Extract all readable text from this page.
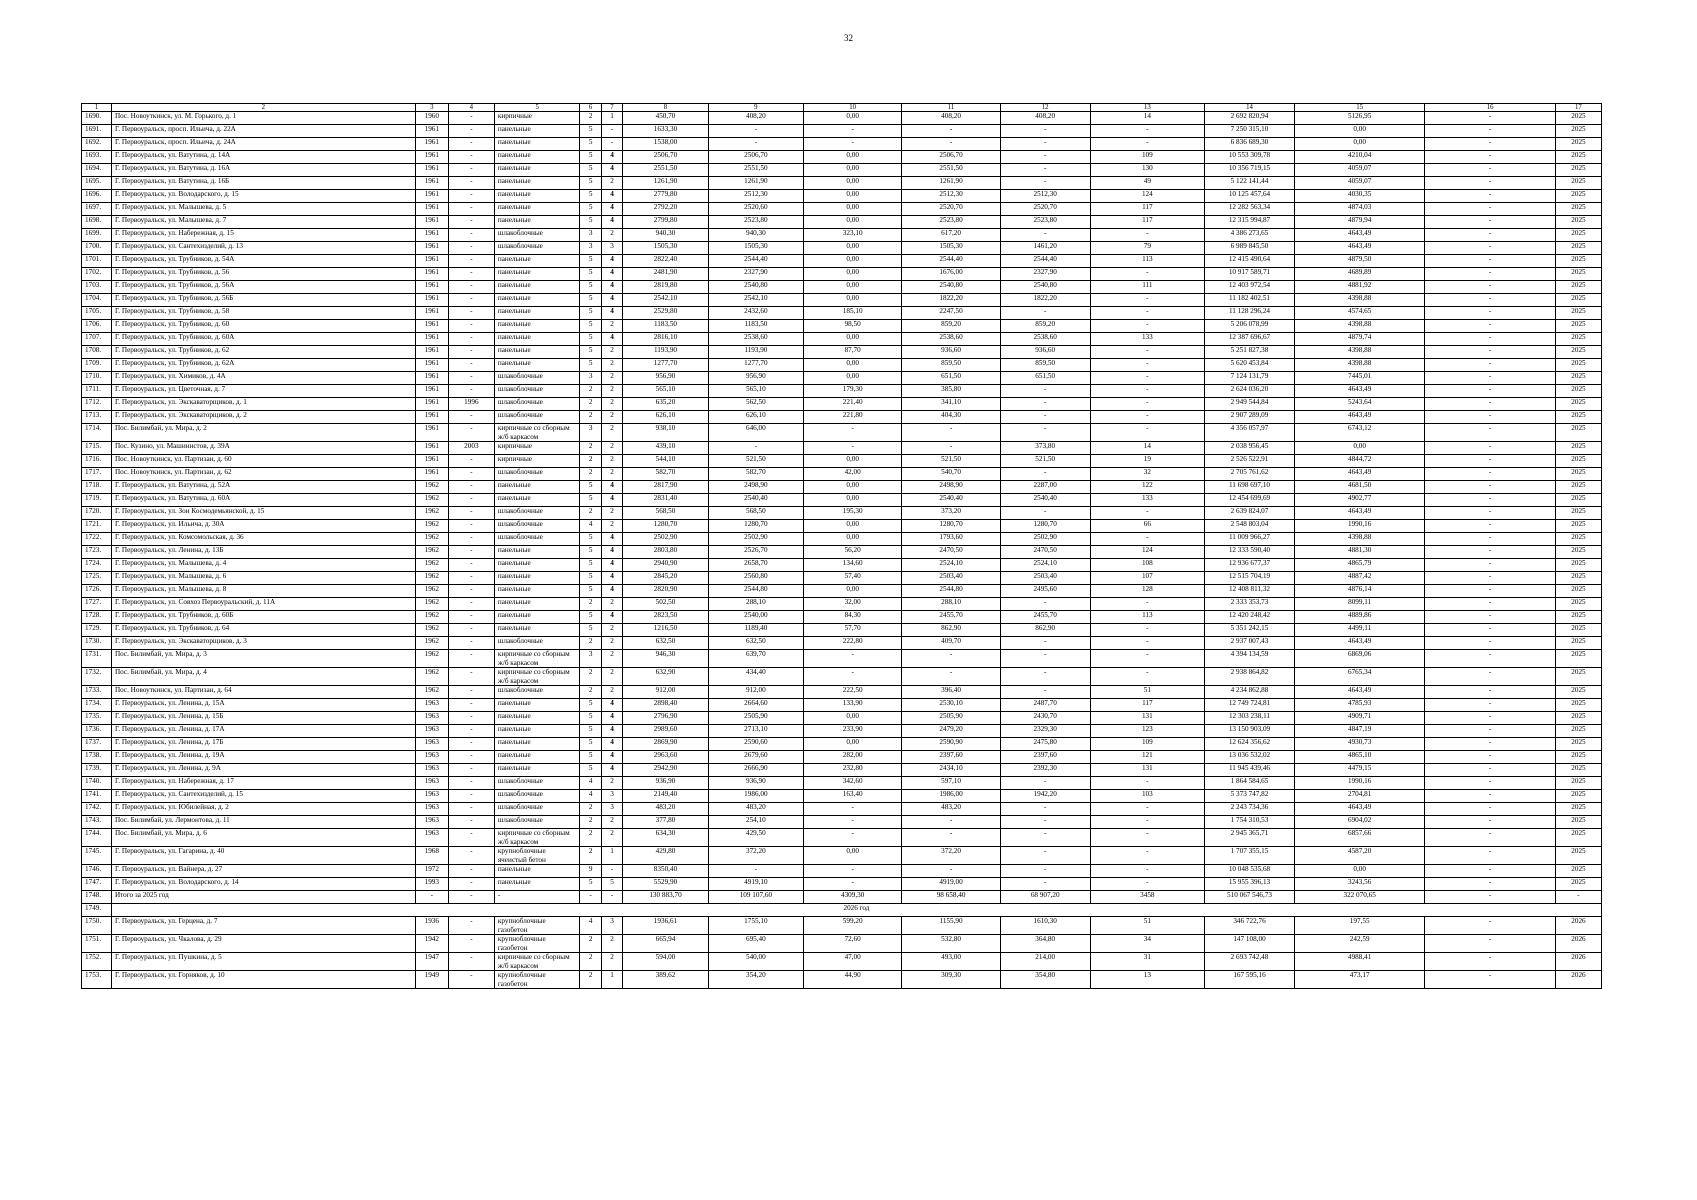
32
1	2	3	4	5	6	7	8	9	10	11	12	13	14	15	16	17
1690.	Пос. Новоуткинск, ул. М. Горького, д. 1	1960	-	кирпичные	2	1	450,70	408,20	0,00	408,20	408,20	14	2 692 820,94	5126,95	-	2025
1691.	Г. Первоуральск, просп. Ильича, д. 22А	1961	-	панельные	5	-	1633,30	-	-	-	-	-	7 250 315,10	0,00	-	2025
1692.	Г. Первоуральск, просп. Ильича, д. 24А	1961	-	панельные	5	-	1538,00	-	-	-	-	-	6 836 689,30	0,00	-	2025
1693.	Г. Первоуральск, ул. Ватутина, д. 14А	1961	-	панельные	5	4	2506,70	2506,70	0,00	2506,70	-	109	10 553 309,78	4210,04	-	2025
1694.	Г. Первоуральск, ул. Ватутина, д. 16А	1961	-	панельные	5	4	2551,50	2551,50	0,00	2551,50	-	130	10 356 719,15	4059,07	-	2025
1695.	Г. Первоуральск, ул. Ватутина, д. 16Б	1961	-	панельные	5	2	1261,90	1261,90	0,00	1261,90	-	49	5 122 141,44	4059,07	-	2025
1696.	Г. Первоуральск, ул. Володарского, д. 15	1961	-	панельные	5	4	2779,80	2512,30	0,00	2512,30	2512,30	124	10 125 457,64	4030,35	-	2025
1697.	Г. Первоуральск, ул. Малышева, д. 5	1961	-	панельные	5	4	2792,20	2520,60	0,00	2520,70	2520,70	117	12 282 563,34	4874,03	-	2025
1698.	Г. Первоуральск, ул. Малышева, д. 7	1961	-	панельные	5	4	2799,80	2523,80	0,00	2523,80	2523,80	117	12 315 994,87	4879,94	-	2025
1699.	Г. Первоуральск, ул. Набережная, д. 15	1961	-	шлакоблочные	3	2	940,30	940,30	323,10	617,20	-	-	4 386 273,65	4643,49	-	2025
1700.	Г. Первоуральск, ул. Сантехизделий, д. 13	1961	-	шлакоблочные	3	3	1505,30	1505,30	0,00	1505,30	1461,20	79	6 989 845,50	4643,49	-	2025
1701.	Г. Первоуральск, ул. Трубников, д. 54А	1961	-	панельные	5	4	2822,40	2544,40	0,00	2544,40	2544,40	113	12 415 490,64	4879,50	-	2025
1702.	Г. Первоуральск, ул. Трубников, д. 56	1961	-	панельные	5	4	2481,90	2327,90	0,00	1676,00	2327,90	-	10 917 589,71	4689,89	-	2025
1703.	Г. Первоуральск, ул. Трубников, д. 56А	1961	-	панельные	5	4	2819,80	2540,80	0,00	2540,80	2540,80	111	12 403 972,54	4881,92	-	2025
1704.	Г. Первоуральск, ул. Трубников, д. 56Б	1961	-	панельные	5	4	2542,10	2542,10	0,00	1822,20	1822,20	-	11 182 402,51	4398,88	-	2025
1705.	Г. Первоуральск, ул. Трубников, д. 58	1961	-	панельные	5	4	2529,80	2432,60	185,10	2247,50	-	-	11 128 296,24	4574,65	-	2025
1706.	Г. Первоуральск, ул. Трубников, д. 60	1961	-	панельные	5	2	1183,50	1183,50	98,50	859,20	859,20	-	5 206 078,99	4398,88	-	2025
1707.	Г. Первоуральск, ул. Трубников, д. 60А	1961	-	панельные	5	4	2816,10	2538,60	0,00	2538,60	2538,60	133	12 387 696,67	4879,74	-	2025
1708.	Г. Первоуральск, ул. Трубников, д. 62	1961	-	панельные	5	2	1193,90	1193,90	87,70	936,60	936,60	-	5 251 827,38	4398,88	-	2025
1709.	Г. Первоуральск, ул. Трубников, д. 62А	1961	-	панельные	5	2	1277,70	1277,70	0,00	859,50	859,50	-	5 620 453,84	4398,88	-	2025
1710.	Г. Первоуральск, ул. Химиков, д. 4А	1961	-	шлакоблочные	3	2	956,90	956,90	0,00	651,50	651,50	-	7 124 131,79	7445,01	-	2025
1711.	Г. Первоуральск, ул. Цветочная, д. 7	1961	-	шлакоблочные	2	2	565,10	565,10	179,30	385,80	-	-	2 624 036,20	4643,49	-	2025
1712.	Г. Первоуральск, ул. Экскаваторщиков, д. 1	1961	1996	шлакоблочные	2	2	635,20	562,50	221,40	341,10	-	-	2 949 544,84	5243,64	-	2025
1713.	Г. Первоуральск, ул. Экскаваторщиков, д. 2	1961	-	шлакоблочные	2	2	626,10	626,10	221,80	404,30	-	-	2 907 289,09	4643,49	-	2025
1714.	Пос. Билимбай, ул. Мира, д. 2	1961	-	кирпичные со сборным ж/б каркасом	3	2	938,10	646,00	-	-	-	-	4 356 057,97	6743,12	-	2025
1715.	Пос. Кузино, ул. Машинистов, д. 39А	1961	2003	кирпичные	2	2	439,10	-	-	-	373,80	14	2 038 956,45	0,00	-	2025
1716.	Пос. Новоуткинск, ул. Партизан, д. 60	1961	-	кирпичные	2	2	544,10	521,50	0,00	521,50	521,50	19	2 526 522,91	4844,72	-	2025
1717.	Пос. Новоуткинск, ул. Партизан, д. 62	1961	-	шлакоблочные	2	2	582,70	582,70	42,00	540,70	-	32	2 705 761,62	4643,49	-	2025
1718.	Г. Первоуральск, ул. Ватутина, д. 52А	1962	-	панельные	5	4	2817,90	2498,90	0,00	2498,90	2287,00	122	11 698 697,10	4681,50	-	2025
1719.	Г. Первоуральск, ул. Ватутина, д. 60А	1962	-	панельные	5	4	2831,40	2540,40	0,00	2540,40	2540,40	133	12 454 699,69	4902,77	-	2025
1720.	Г. Первоуральск, ул. Зои Космодемьянской, д. 15	1962	-	шлакоблочные	2	2	568,50	568,50	195,30	373,20	-	-	2 639 824,07	4643,49	-	2025
1721.	Г. Первоуральск, ул. Ильича, д. 30А	1962	-	шлакоблочные	4	2	1280,70	1280,70	0,00	1280,70	1280,70	66	2 548 803,04	1990,16	-	2025
1722.	Г. Первоуральск, ул. Комсомольская, д. 36	1962	-	шлакоблочные	5	4	2502,90	2502,90	0,00	1793,60	2502,90	-	11 009 966,27	4398,88	-	2025
1723.	Г. Первоуральск, ул. Ленина, д. 13Б	1962	-	панельные	5	4	2803,80	2526,70	56,20	2470,50	2470,50	124	12 333 590,40	4881,30	-	2025
1724.	Г. Первоуральск, ул. Малышева, д. 4	1962	-	панельные	5	4	2940,90	2658,70	134,60	2524,10	2524,10	108	12 936 677,37	4865,79	-	2025
1725.	Г. Первоуральск, ул. Малышева, д. 6	1962	-	панельные	5	4	2845,20	2560,80	57,40	2503,40	2503,40	107	12 515 704,19	4887,42	-	2025
1726.	Г. Первоуральск, ул. Малышева, д. 8	1962	-	панельные	5	4	2820,90	2544,80	0,00	2544,80	2495,60	128	12 408 811,32	4876,14	-	2025
1727.	Г. Первоуральск, ул. Совхоз Первоуральский, д. 11А	1962	-	панельные	2	2	502,50	288,10	32,00	288,10	-	-	2 333 353,73	8099,11	-	2025
1728.	Г. Первоуральск, ул. Трубников, д. 60Б	1962	-	панельные	5	4	2823,50	2540,00	84,30	2455,70	2455,70	113	12 420 248,42	4889,86	-	2025
1729.	Г. Первоуральск, ул. Трубников, д. 64	1962	-	панельные	5	2	1216,50	1189,40	57,70	862,90	862,90	-	5 351 242,15	4499,11	-	2025
1730.	Г. Первоуральск, ул. Экскаваторщиков, д. 3	1962	-	шлакоблочные	2	2	632,50	632,50	222,80	409,70	-	-	2 937 007,43	4643,49	-	2025
1731.	Пос. Билимбай, ул. Мира, д. 3	1962	-	кирпичные со сборным ж/б каркасом	3	2	946,30	639,70	-	-	-	-	4 394 134,59	6869,06	-	2025
1732.	Пос. Билимбай, ул. Мира, д. 4	1962	-	кирпичные со сборным ж/б каркасом	2	2	632,90	434,40	-	-	-	-	2 938 864,82	6765,34	-	2025
1733.	Пос. Новоуткинск, ул. Партизан, д. 64	1962	-	шлакоблочные	2	2	912,00	912,00	222,50	396,40	-	51	4 234 862,88	4643,49	-	2025
1734.	Г. Первоуральск, ул. Ленина, д. 15А	1963	-	панельные	5	4	2898,40	2664,60	133,90	2530,10	2487,70	117	12 749 724,81	4785,93	-	2025
1735.	Г. Первоуральск, ул. Ленина, д. 15Б	1963	-	панельные	5	4	2796,90	2505,90	0,00	2505,90	2430,70	131	12 303 238,11	4909,71	-	2025
1736.	Г. Первоуральск, ул. Ленина, д. 17А	1963	-	панельные	5	4	2989,60	2713,10	233,90	2479,20	2329,30	123	13 150 903,09	4847,19	-	2025
1737.	Г. Первоуральск, ул. Ленина, д. 17Б	1963	-	панельные	5	4	2869,90	2590,60	0,00	2590,90	2475,80	109	12 624 356,62	4930,73	-	2025
1738.	Г. Первоуральск, ул. Ленина, д. 19А	1963	-	панельные	5	4	2963,60	2679,60	282,00	2397,60	2397,60	121	13 036 532,02	4865,10	-	2025
1739.	Г. Первоуральск, ул. Ленина, д. 9А	1963	-	панельные	5	4	2942,90	2666,90	232,80	2434,10	2392,30	131	11 945 439,46	4479,15	-	2025
1740.	Г. Первоуральск, ул. Набережная, д. 17	1963	-	шлакоблочные	4	2	936,90	936,90	342,60	597,10	-	-	1 864 584,65	1990,16	-	2025
1741.	Г. Первоуральск, ул. Сантехизделий, д. 15	1963	-	шлакоблочные	4	3	2149,40	1986,00	163,40	1986,00	1942,20	103	5 373 747,82	2704,81	-	2025
1742.	Г. Первоуральск, ул. Юбилейная, д. 2	1963	-	шлакоблочные	2	3	483,20	483,20	-	483,20	-	-	2 243 734,36	4643,49	-	2025
1743.	Пос. Билимбай, ул. Лермонтова, д. 11	1963	-	шлакоблочные	2	2	377,80	254,10	-	-	-	-	1 754 310,53	6904,02	-	2025
1744.	Пос. Билимбай, ул. Мира, д. 6	1963	-	кирпичные со сборным ж/б каркасом	2	2	634,30	429,50	-	-	-	-	2 945 365,71	6857,66	-	2025
1745.	Г. Первоуральск, ул. Гагарина, д. 40	1968	-	крупноблочные ячеистый бетон	2	1	429,80	372,20	0,00	372,20	-	-	1 707 355,15	4587,20	-	2025
1746.	Г. Первоуральск, ул. Вайнера, д. 27	1972	-	панельные	9	-	8350,40	-	-	-	-	-	10 048 535,68	0,00	-	2025
1747.	Г. Первоуральск, ул. Володарского, д. 14	1993	-	панельные	5	5	5529,90	4919,10	-	4919,00	-	-	15 955 396,13	3243,56	-	2025
1748.	Итого за 2025 год	-	-	-	-	-	130 883,70	109 107,60	4309,30	98 658,40	68 907,20	3458	510 067 546,73	322 070,65	-	-
1749.	2026 год															
1750.	Г. Первоуральск, ул. Герцена, д. 7	1936	-	крупноблочные газобетон	4	3	1936,61	1755,10	599,20	1155,90	1610,30	51	346 722,76	197,55	-	2026
1751.	Г. Первоуральск, ул. Чкалова, д. 29	1942	-	крупноблочные газобетон	2	2	665,94	695,40	72,60	532,80	364,80	34	147 108,00	242,59	-	2026
1752.	Г. Первоуральск, ул. Пушкина, д. 5	1947	-	кирпичные со сборным ж/б каркасом	2	2	594,00	540,00	47,00	493,00	214,00	31	2 693 742,48	4988,41	-	2026
1753.	Г. Первоуральск, ул. Горняков, д. 10	1949	-	крупноблочные газобетон	2	1	389,62	354,20	44,90	309,30	354,80	13	167 595,16	473,17	-	2026
